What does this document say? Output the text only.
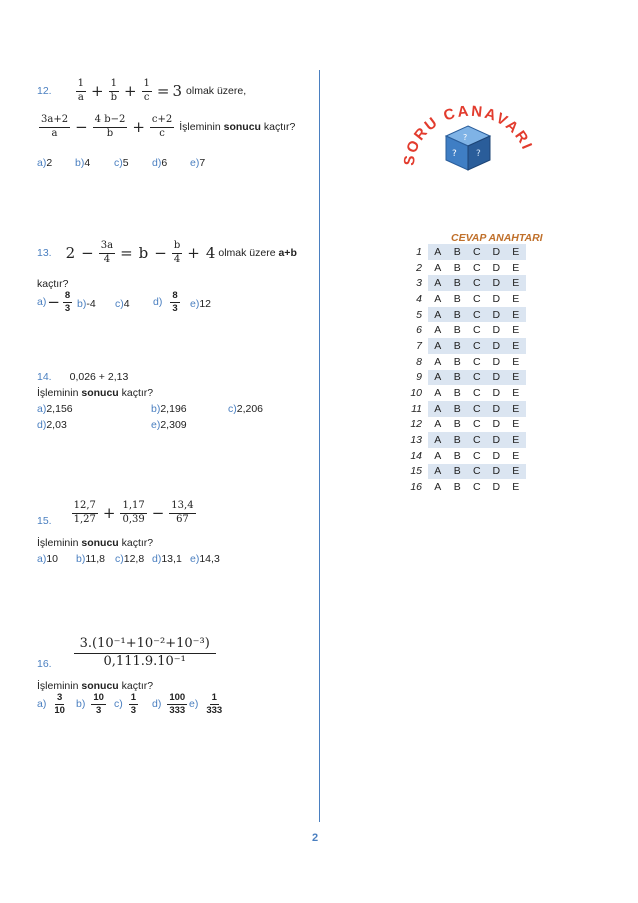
12.
1
$a + \frac{1}{b} + \frac{1}{c} = 3$ olmak üzere,
3a+2
$a - \frac{4 b-2}{b} + \frac{c+2}{c}$ İşleminin sonucu kaçtır?
a)2 b)4 c)5 d)6 e)7
13. $2 - \frac{3a}{4} = b - \frac{b}{4} + 4$ olmak üzere a+b
kaçtır?
$a) - \frac{8}{3} b)-4$ c)4 d)
8
3 e)12
14. 0,026 + 2,13
İşleminin sonucu kaçtır?
a)2,156	b)2,196	c)2,206
d)2,03	e)2,309
15.
12,7
$1,27 + \frac{1,17}{0,39} - \frac{13,4}{67}$
İşleminin sonucu kaçtır?
a)10 b)11,8 c)12,8 d)13,1 e)14,3
16.
3.(10⁻¹+10⁻²+10⁻³)
0,111.9.10⁻¹
İşleminin sonucu kaçtır?
a)
3
10 b)
10
3 c)
1
3 d)
100
333 e)
1
333
SORU CANAVARI
?
? ?
CEVAP ANAHTARI
1	A	B	C	D	E
2	A	B	C	D	E
3	A	B	C	D	E
4	A	B	C	D	E
5	A	B	C	D	E
6	A	B	C	D	E
7	A	B	C	D	E
8	A	B	C	D	E
9	A	B	C	D	E
10	A	B	C	D	E
11	A	B	C	D	E
12	A	B	C	D	E
13	A	B	C	D	E
14	A	B	C	D	E
15	A	B	C	D	E
16	A	B	C	D	E
2
